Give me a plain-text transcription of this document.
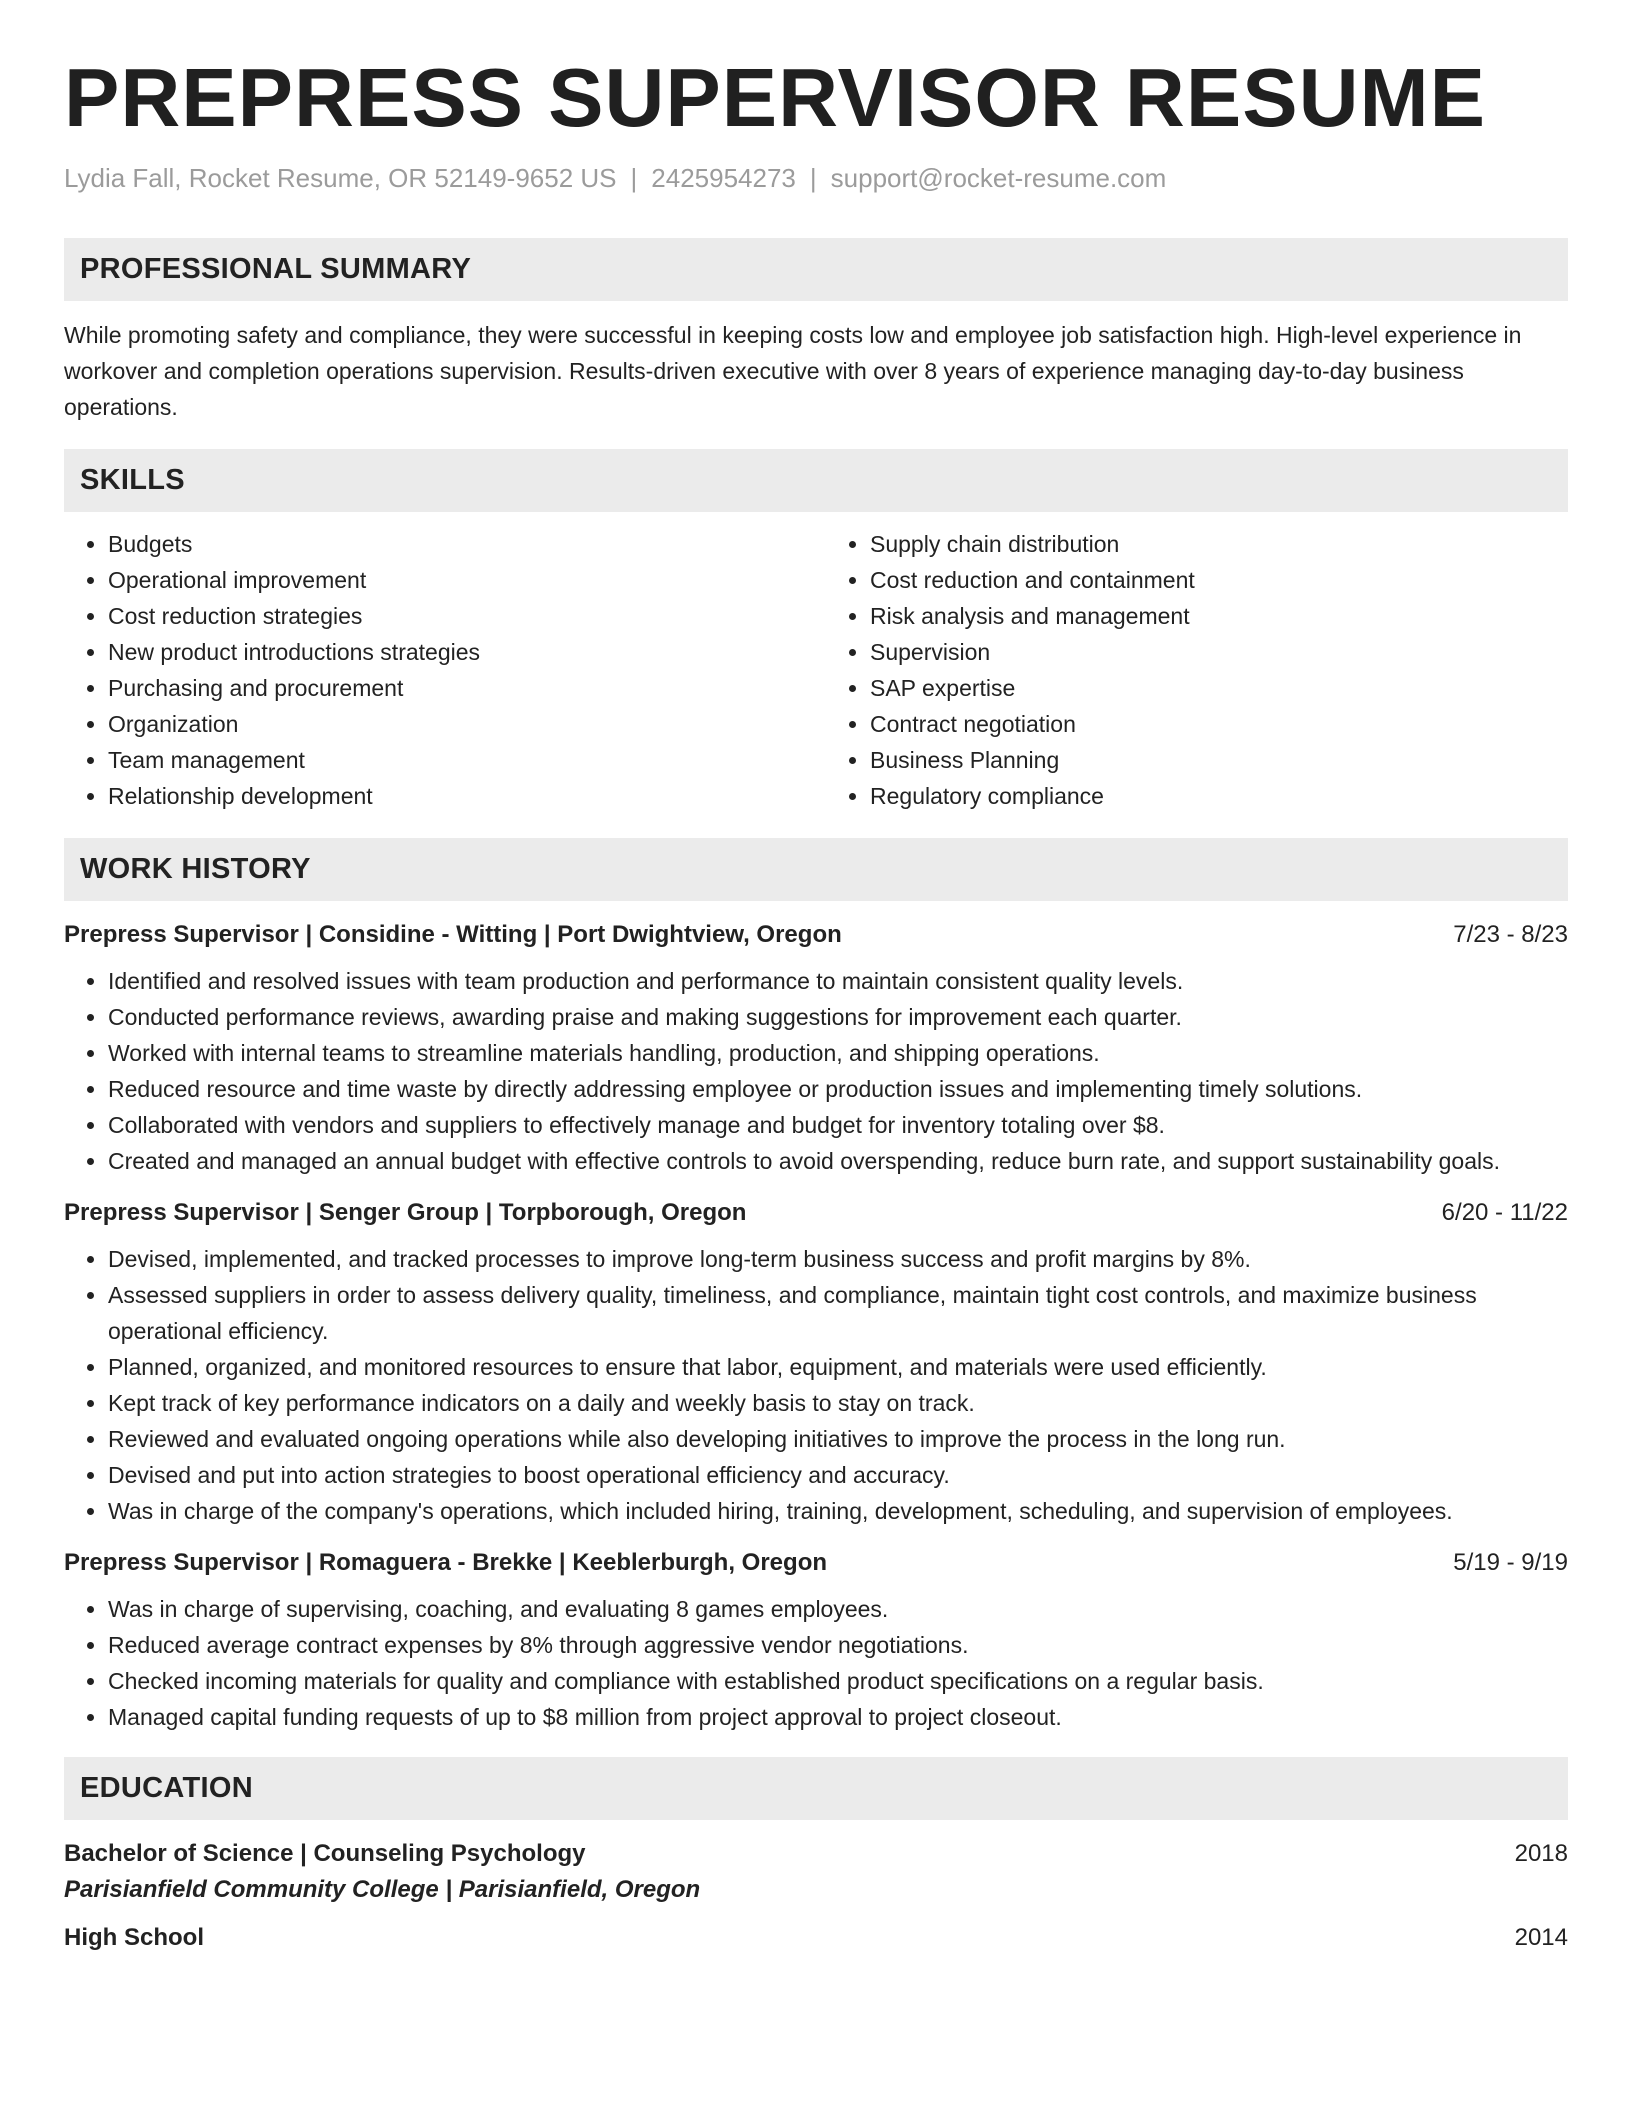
PREPRESS SUPERVISOR RESUME
Lydia Fall, Rocket Resume, OR 52149-9652 US | 2425954273 | support@rocket-resume.com
PROFESSIONAL SUMMARY

While promoting safety and compliance, they were successful in keeping costs low and employee job satisfaction high. High-level experience in workover and completion operations supervision. Results-driven executive with over 8 years of experience managing day-to-day business operations.

SKILLS
• Budgets
• Operational improvement
• Cost reduction strategies
• New product introductions strategies
• Purchasing and procurement
• Organization
• Team management
• Relationship development
• Supply chain distribution
• Cost reduction and containment
• Risk analysis and management
• Supervision
• SAP expertise
• Contract negotiation
• Business Planning
• Regulatory compliance
WORK HISTORY
Prepress Supervisor | Considine - Witting | Port Dwightview, Oregon	7/23 - 8/23
• Identified and resolved issues with team production and performance to maintain consistent quality levels.
• Conducted performance reviews, awarding praise and making suggestions for improvement each quarter.
• Worked with internal teams to streamline materials handling, production, and shipping operations.
• Reduced resource and time waste by directly addressing employee or production issues and implementing timely solutions.
• Collaborated with vendors and suppliers to effectively manage and budget for inventory totaling over $8.
• Created and managed an annual budget with effective controls to avoid overspending, reduce burn rate, and support sustainability goals.
Prepress Supervisor | Senger Group | Torpborough, Oregon	6/20 - 11/22
• Devised, implemented, and tracked processes to improve long-term business success and profit margins by 8%.
• Assessed suppliers in order to assess delivery quality, timeliness, and compliance, maintain tight cost controls, and maximize business operational efficiency.
• Planned, organized, and monitored resources to ensure that labor, equipment, and materials were used efficiently.
• Kept track of key performance indicators on a daily and weekly basis to stay on track.
• Reviewed and evaluated ongoing operations while also developing initiatives to improve the process in the long run.
• Devised and put into action strategies to boost operational efficiency and accuracy.
• Was in charge of the company's operations, which included hiring, training, development, scheduling, and supervision of employees.
Prepress Supervisor | Romaguera - Brekke | Keeblerburgh, Oregon	5/19 - 9/19
• Was in charge of supervising, coaching, and evaluating 8 games employees.
• Reduced average contract expenses by 8% through aggressive vendor negotiations.
• Checked incoming materials for quality and compliance with established product specifications on a regular basis.
• Managed capital funding requests of up to $8 million from project approval to project closeout.
EDUCATION
Bachelor of Science | Counseling Psychology	2018
Parisianfield Community College | Parisianfield, Oregon
High School	2014
